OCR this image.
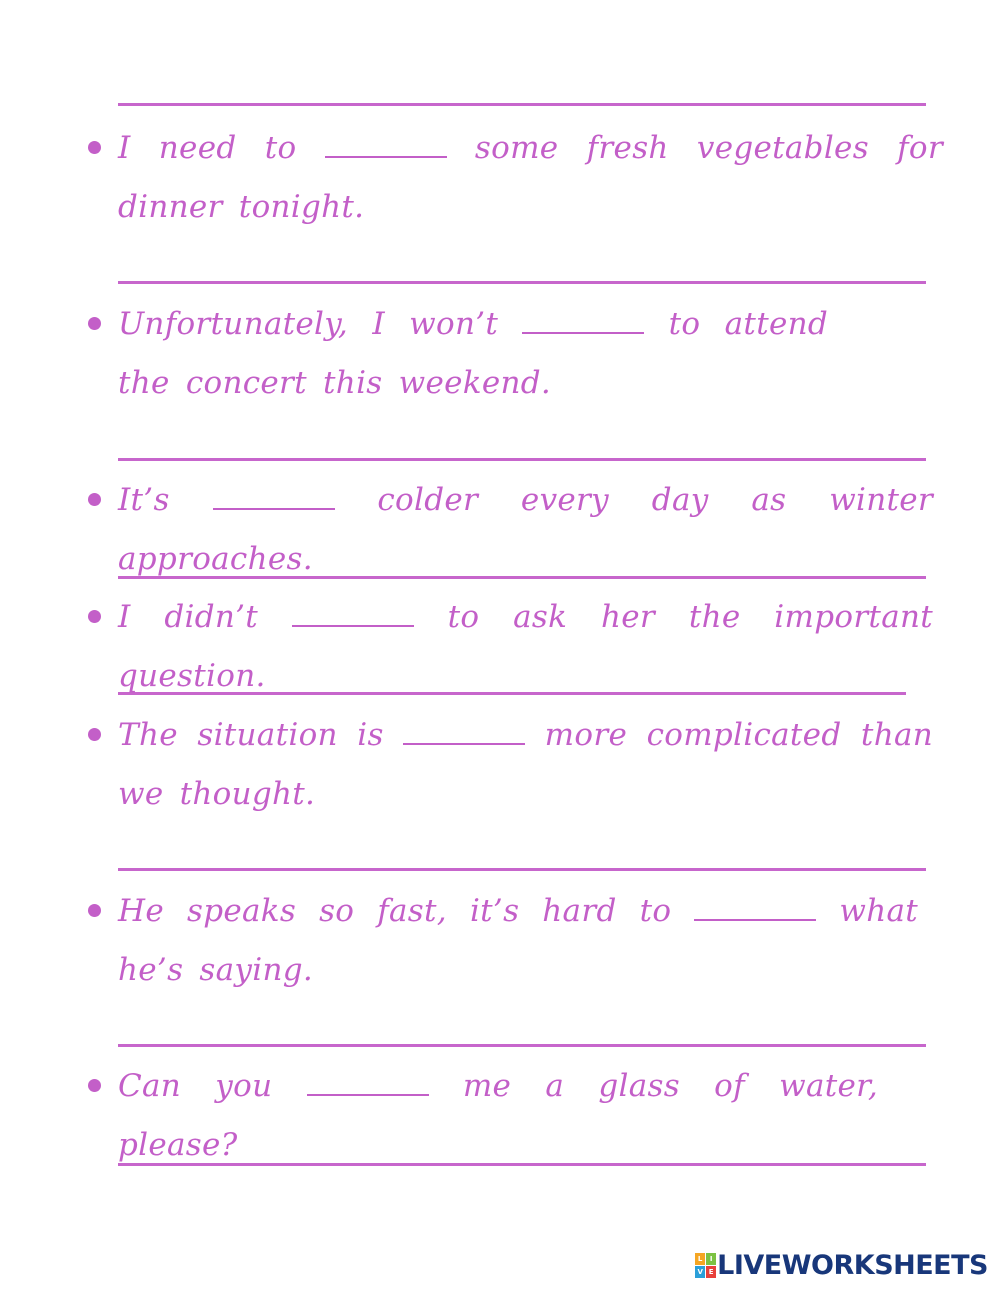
I need to	some fresh vegetables for dinner tonight.
Unfortunately, I won’t	to attend the concert this weekend.
It’s	colder every day as winter approaches.
I didn’t	to ask her the important question.
The situation is	more complicated than we thought.
He speaks so fast, it’s hard to	what he’s saying.
Can you	me a glass of water, please?
L	I
V E LIVEWORKSHEETS
